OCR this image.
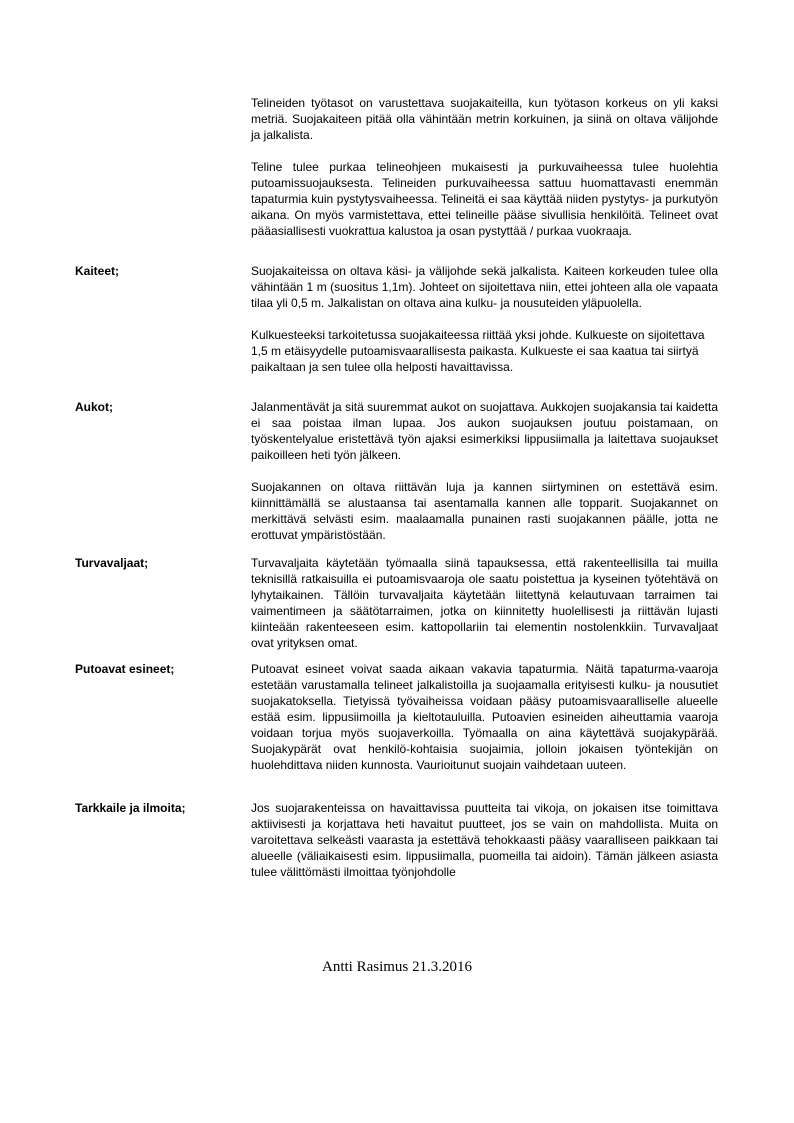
Telineiden työtasot on varustettava suojakaiteilla, kun työtason korkeus on yli kaksi metriä. Suojakaiteen pitää olla vähintään metrin korkuinen, ja siinä on oltava välijohde ja jalkalista.

Teline tulee purkaa telineohjeen mukaisesti ja purkuvaiheessa tulee huolehtia putoamissuojauksesta. Telineiden purkuvaiheessa sattuu huomattavasti enemmän tapaturmia kuin pystytysvaiheessa. Telineitä ei saa käyttää niiden pystytys- ja purkutyön aikana. On myös varmistettava, ettei telineille pääse sivullisia henkilöitä. Telineet ovat pääasiallisesti vuokrattua kalustoa ja osan pystyttää / purkaa vuokraaja.

Kaiteet;	Suojakaiteissa on oltava käsi- ja välijohde sekä jalkalista. Kaiteen korkeuden tulee olla vähintään 1 m (suositus 1,1m). Johteet on sijoitettava niin, ettei johteen alla ole vapaata tilaa yli 0,5 m. Jalkalistan on oltava aina kulku- ja nousuteiden yläpuolella.

Kulkuesteeksi tarkoitetussa suojakaiteessa riittää yksi johde. Kulkueste on sijoitettava 1,5 m etäisyydelle putoamisvaarallisesta paikasta. Kulkueste ei saa kaatua tai siirtyä paikaltaan ja sen tulee olla helposti havaittavissa.

Aukot;	Jalanmentävät ja sitä suuremmat aukot on suojattava. Aukkojen suojakansia tai kaidetta ei saa poistaa ilman lupaa. Jos aukon suojauksen joutuu poistamaan, on työskentelyalue eristettävä työn ajaksi esimerkiksi lippusiimalla ja laitettava suojaukset paikoilleen heti työn jälkeen.

Suojakannen on oltava riittävän luja ja kannen siirtyminen on estettävä esim. kiinnittämällä se alustaansa tai asentamalla kannen alle topparit. Suojakannet on merkittävä selvästi esim. maalaamalla punainen rasti suojakannen päälle, jotta ne erottuvat ympäristöstään.

Turvavaljaat;	Turvavaljaita käytetään työmaalla siinä tapauksessa, että rakenteellisilla tai muilla teknisillä ratkaisuilla ei putoamisvaaroja ole saatu poistettua ja kyseinen työtehtävä on lyhytaikainen. Tällöin turvavaljaita käytetään liitettynä kelautuvaan tarraimen tai vaimentimeen ja säätötarraimen, jotka on kiinnitetty huolellisesti ja riittävän lujasti kiinteään rakenteeseen esim. kattopollariin tai elementin nostolenkkiin. Turvavaljaat ovat yrityksen omat.

Putoavat esineet;	Putoavat esineet voivat saada aikaan vakavia tapaturmia. Näitä tapaturma-vaaroja estetään varustamalla telineet jalkalistoilla ja suojaamalla erityisesti kulku- ja nousutiet suojakatoksella. Tietyissä työvaiheissa voidaan pääsy putoamisvaaralliselle alueelle estää esim. lippusiimoilla ja kieltotauluilla. Putoavien esineiden aiheuttamia vaaroja voidaan torjua myös suojaverkoilla. Työmaalla on aina käytettävä suojakypärää. Suojakypärät ovat henkilö-kohtaisia suojaimia, jolloin jokaisen työntekijän on huolehdittava niiden kunnosta. Vaurioitunut suojain vaihdetaan uuteen.

Tarkkaile ja ilmoita;	Jos suojarakenteissa on havaittavissa puutteita tai vikoja, on jokaisen itse toimittava aktiivisesti ja korjattava heti havaitut puutteet, jos se vain on mahdollista. Muita on varoitettava selkeästi vaarasta ja estettävä tehokkaasti pääsy vaaralliseen paikkaan tai alueelle (väliaikaisesti esim. lippusiimalla, puomeilla tai aidoin). Tämän jälkeen asiasta tulee välittömästi ilmoittaa työnjohdolle

Antti Rasimus 21.3.2016
